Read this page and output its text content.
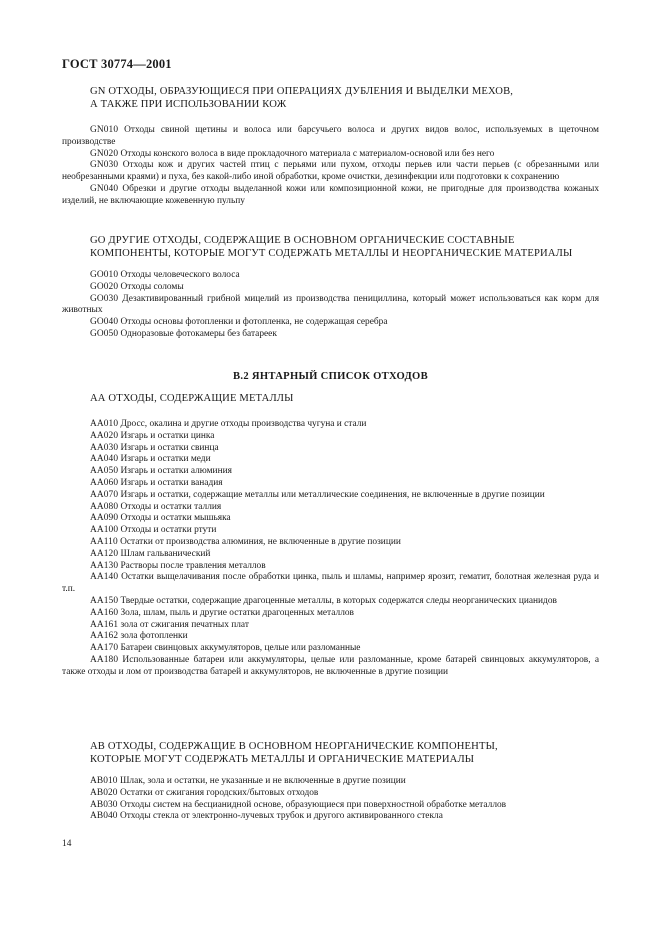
ГОСТ 30774—2001
GN ОТХОДЫ, ОБРАЗУЮЩИЕСЯ ПРИ ОПЕРАЦИЯХ ДУБЛЕНИЯ И ВЫДЕЛКИ МЕХОВ,
А ТАКЖЕ ПРИ ИСПОЛЬЗОВАНИИ КОЖ

GN010 Отходы свиной щетины и волоса или барсучьего волоса и других видов волос, используемых в щеточном производстве

GN020 Отходы конского волоса в виде прокладочного материала с материалом-основой или без него

GN030 Отходы кож и других частей птиц с перьями или пухом, отходы перьев или части перьев (с обрезанными или необрезанными краями) и пуха, без какой-либо иной обработки, кроме очистки, дезинфекции или подготовки к сохранению

GN040 Обрезки и другие отходы выделанной кожи или композиционной кожи, не пригодные для производства кожаных изделий, не включающие кожевенную пульпу

GO ДРУГИЕ ОТХОДЫ, СОДЕРЖАЩИЕ В ОСНОВНОМ ОРГАНИЧЕСКИЕ СОСТАВНЫЕ
КОМПОНЕНТЫ, КОТОРЫЕ МОГУТ СОДЕРЖАТЬ МЕТАЛЛЫ И НЕОРГАНИЧЕСКИЕ МАТЕРИАЛЫ

GO010 Отходы человеческого волоса

GO020 Отходы соломы

GO030 Дезактивированный грибной мицелий из производства пенициллина, который может использоваться как корм для животных

GO040 Отходы основы фотопленки и фотопленка, не содержащая серебра

GO050 Одноразовые фотокамеры без батареек

В.2 ЯНТАРНЫЙ СПИСОК ОТХОДОВ
АА ОТХОДЫ, СОДЕРЖАЩИЕ МЕТАЛЛЫ

АА010 Дросс, окалина и другие отходы производства чугуна и стали

АА020 Изгарь и остатки цинка

АА030 Изгарь и остатки свинца

АА040 Изгарь и остатки меди

АА050 Изгарь и остатки алюминия

АА060 Изгарь и остатки ванадия

АА070 Изгарь и остатки, содержащие металлы или металлические соединения, не включенные в другие позиции

АА080 Отходы и остатки таллия

АА090 Отходы и остатки мышьяка

АА100 Отходы и остатки ртути

АА110 Остатки от производства алюминия, не включенные в другие позиции

АА120 Шлам гальванический

АА130 Растворы после травления металлов

АА140 Остатки выщелачивания после обработки цинка, пыль и шламы, например ярозит, гематит, болотная железная руда и т.п.

АА150 Твердые остатки, содержащие драгоценные металлы, в которых содержатся следы неорганических цианидов

АА160 Зола, шлам, пыль и другие остатки драгоценных металлов

АА161 зола от сжигания печатных плат

АА162 зола фотопленки

АА170 Батареи свинцовых аккумуляторов, целые или разломанные

АА180 Использованные батареи или аккумуляторы, целые или разломанные, кроме батарей свинцовых аккумуляторов, а также отходы и лом от производства батарей и аккумуляторов, не включенные в другие позиции

АВ ОТХОДЫ, СОДЕРЖАЩИЕ В ОСНОВНОМ НЕОРГАНИЧЕСКИЕ КОМПОНЕНТЫ,
КОТОРЫЕ МОГУТ СОДЕРЖАТЬ МЕТАЛЛЫ И ОРГАНИЧЕСКИЕ МАТЕРИАЛЫ

АВ010 Шлак, зола и остатки, не указанные и не включенные в другие позиции

АВ020 Остатки от сжигания городских/бытовых отходов

АВ030 Отходы систем на бесцианидной основе, образующиеся при поверхностной обработке металлов

АВ040 Отходы стекла от электронно-лучевых трубок и другого активированного стекла

14
